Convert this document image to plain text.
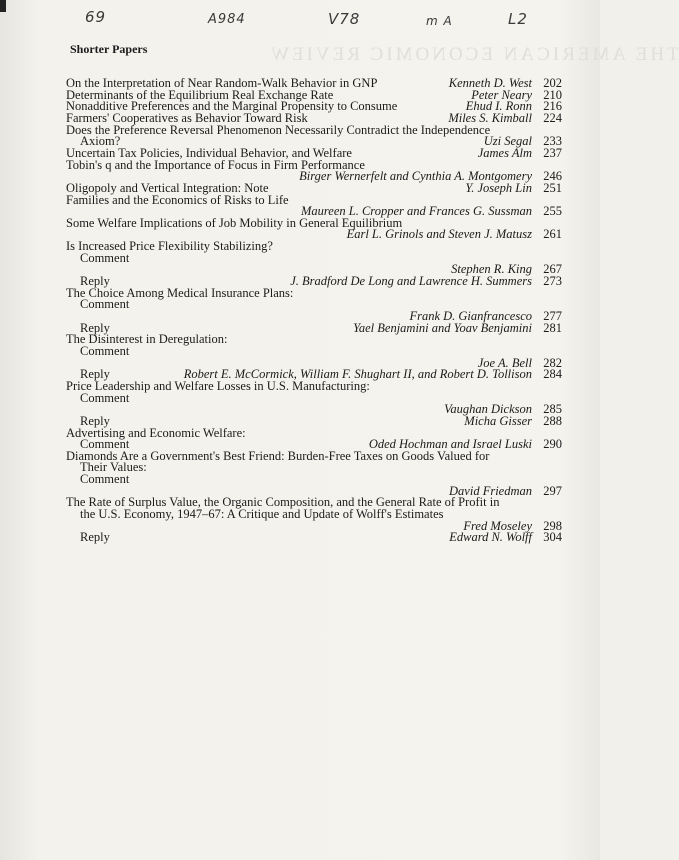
THE AMERICAN ECONOMIC REVIEW
69	A984	V78	m A	L2
Shorter Papers
On the Interpretation of Near Random-Walk Behavior in GNP	Kenneth D. West 202
Determinants of the Equilibrium Real Exchange Rate	Peter Neary 210
Nonadditive Preferences and the Marginal Propensity to Consume	Ehud I. Ronn 216
Farmers' Cooperatives as Behavior Toward Risk	Miles S. Kimball 224
Does the Preference Reversal Phenomenon Necessarily Contradict the Independence
Axiom?	Uzi Segal 233
Uncertain Tax Policies, Individual Behavior, and Welfare	James Alm 237
Tobin's q and the Importance of Focus in Firm Performance
Birger Wernerfelt and Cynthia A. Montgomery 246
Oligopoly and Vertical Integration: Note	Y. Joseph Lin 251
Families and the Economics of Risks to Life
Maureen L. Cropper and Frances G. Sussman 255
Some Welfare Implications of Job Mobility in General Equilibrium
Earl L. Grinols and Steven J. Matusz 261
Is Increased Price Flexibility Stabilizing?
Comment
Stephen R. King 267
Reply	J. Bradford De Long and Lawrence H. Summers 273
The Choice Among Medical Insurance Plans:
Comment
Frank D. Gianfrancesco 277
Reply	Yael Benjamini and Yoav Benjamini 281
The Disinterest in Deregulation:
Comment
Joe A. Bell 282
Reply	Robert E. McCormick, William F. Shughart II, and Robert D. Tollison 284
Price Leadership and Welfare Losses in U.S. Manufacturing:
Comment
Vaughan Dickson 285
Reply	Micha Gisser 288
Advertising and Economic Welfare:
Comment	Oded Hochman and Israel Luski 290
Diamonds Are a Government's Best Friend: Burden-Free Taxes on Goods Valued for
Their Values:
Comment
David Friedman 297
The Rate of Surplus Value, the Organic Composition, and the General Rate of Profit in
the U.S. Economy, 1947–67: A Critique and Update of Wolff's Estimates
Fred Moseley 298
Reply	Edward N. Wolff 304
